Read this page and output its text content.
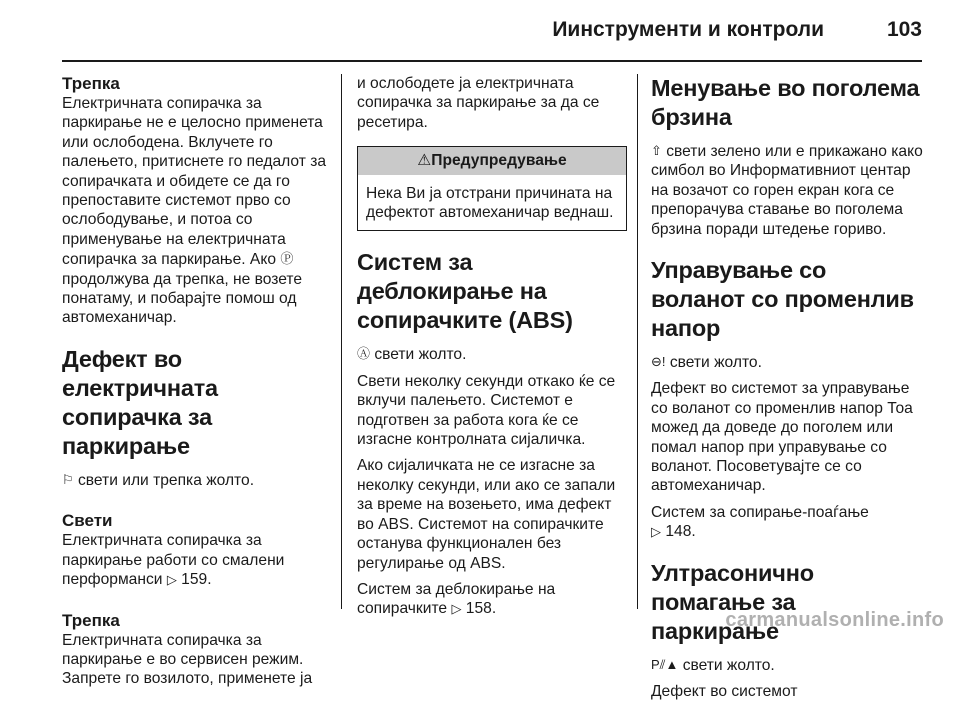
Иинструменти и контроли	103
Трепка

Електричната сопирачка за паркирање не е целосно применета или ослободена. Вклучете го палењето, притиснете го педалот за сопирачката и обидете се да го препоставите системот прво со ослободување, и потоа со применување на електричната сопирачка за паркирање. Ако Ⓟ продолжува да трепка, не возете понатаму, и побарајте помош од автомеханичар.

Дефект во електричната сопирачка за паркирање

⚐ свети или трепка жолто.

Свети

Електричната сопирачка за паркирање работи со смалени перформанси ▷ 159.

Трепка

Електричната сопирачка за паркирање е во сервисен режим. Запрете го возилото, применете ја

и ослободете ја електричната сопирачка за паркирање за да се ресетира.

⚠Предупредување
Нека Ви ја отстрани причината на дефектот автомеханичар веднаш.
Систем за деблокирање на сопирачките (ABS)

Ⓐ свети жолто.

Свети неколку секунди откако ќе се вклучи палењето. Системот е подготвен за работа кога ќе се изгасне контролната сијаличка.

Ако сијаличката не се изгасне за неколку секунди, или ако се запали за време на возењето, има дефект во ABS. Системот на сопирачките останува функционален без регулирање од ABS.

Систем за деблокирање на сопирачките ▷ 158.

Менување во поголема брзина

⇧ свети зелено или е прикажано како симбол во Информативниот центар на возачот со горен екран кога се препорачува ставање во поголема брзина поради штедење гориво.

Управување со воланот со променлив напор

⊖! свети жолто.

Дефект во системот за управување со воланот со променлив напор Тоа можед да доведе до поголем или помал напор при управување со воланот. Посоветувајте се со автомеханичар.

Систем за сопирање-поаѓање
▷ 148.

Ултрасонично помагање за паркирање

P⫽▲ свети жолто.

Дефект во системот

carmanualsonline.info
